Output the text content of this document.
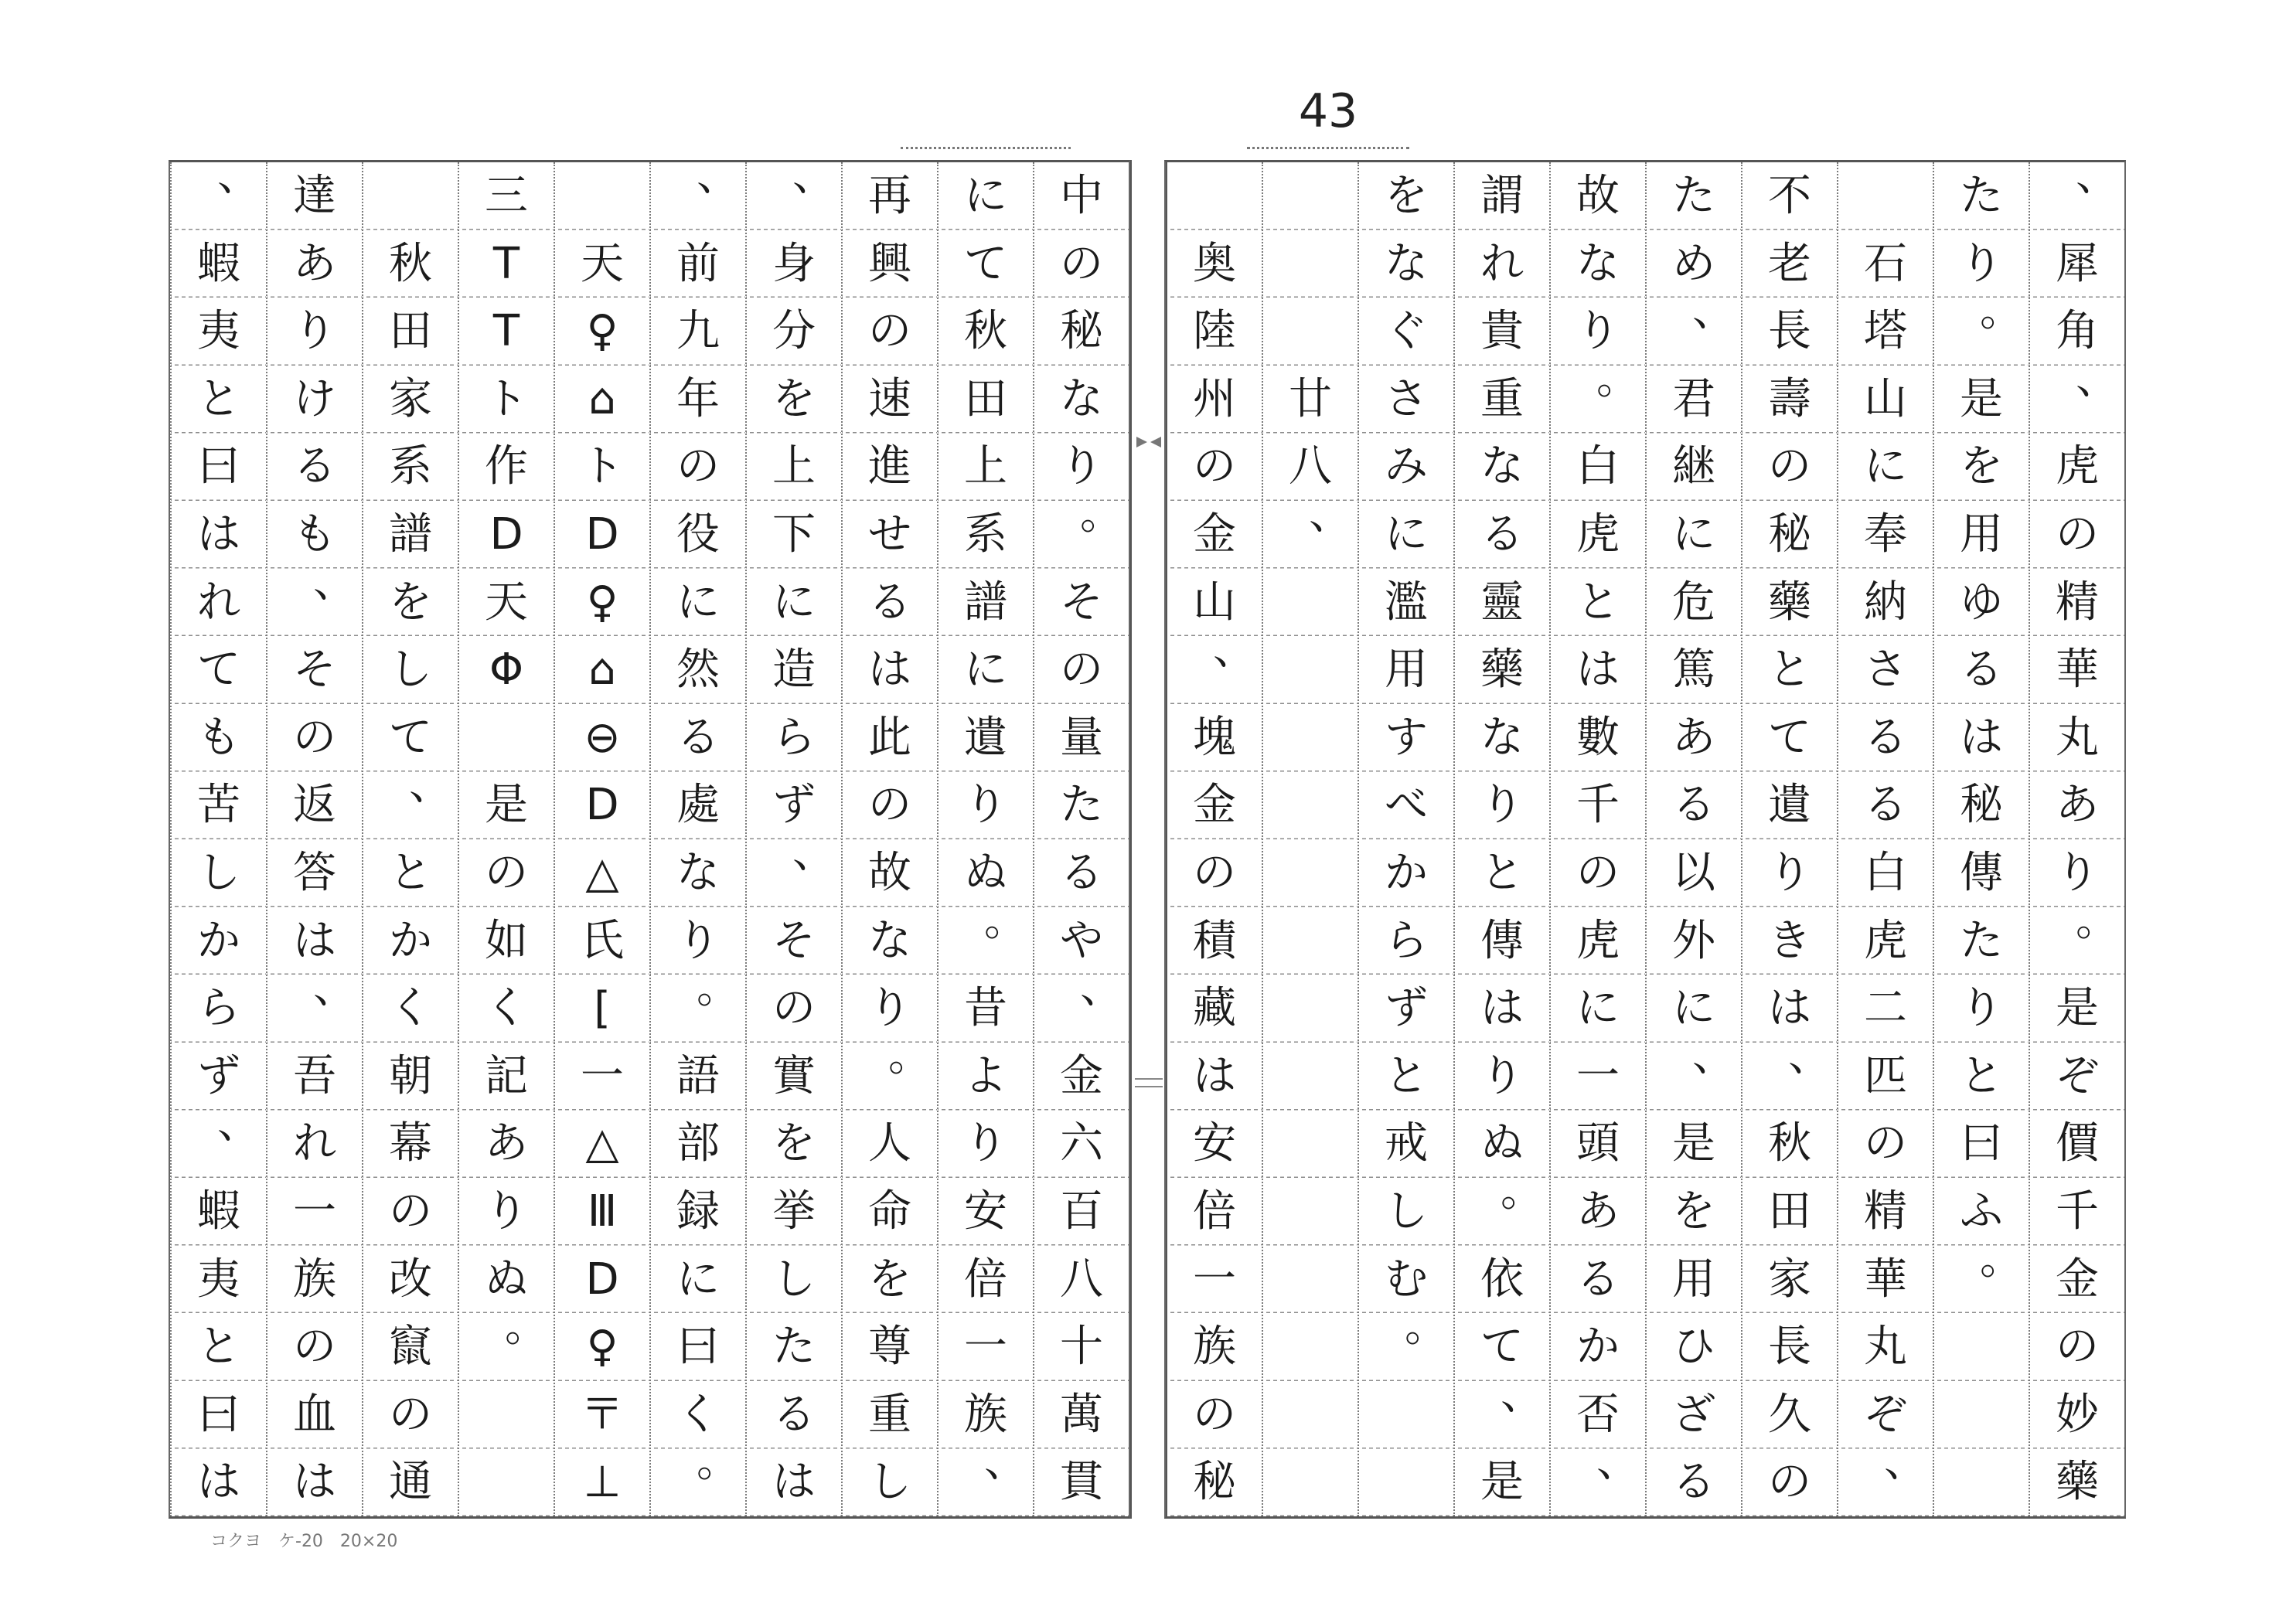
43
、
犀
角
、
虎
の
精
華
丸
あ
り
。
是
ぞ
價
千
金
の
妙
藥
た
り
。
是
を
用
ゆ
る
は
秘
傳
た
り
と
曰
ふ
。

石
塔
山
に
奉
納
さ
る
る
白
虎
二
匹
の
精
華
丸
ぞ
、
不
老
長
壽
の
秘
藥
と
て
遺
り
き
は
、
秋
田
家
長
久
の
た
め
、
君
継
に
危
篤
あ
る
以
外
に
、
是
を
用
ひ
ざ
る
故
な
り
。
白
虎
と
は
數
千
の
虎
に
一
頭
あ
る
か
否
、
謂
れ
貴
重
な
る
靈
藥
な
り
と
傳
は
り
ぬ
。
依
て
、
是
を
な
ぐ
さ
み
に
濫
用
す
べ
か
ら
ず
と
戒
し
む
。

廿
八
、

奥
陸
州
の
金
山
、
塊
金
の
積
藏
は
安
倍
一
族
の
秘
中
の
秘
な
り
。
そ
の
量
た
る
や
、
金
六
百
八
十
萬
貫
に
て
秋
田
上
系
譜
に
遺
り
ぬ
。
昔
よ
り
安
倍
一
族
、
再
興
の
速
進
せ
る
は
此
の
故
な
り
。
人
命
を
尊
重
し
、
身
分
を
上
下
に
造
ら
ず
、
そ
の
實
を
挙
し
た
る
は
、
前
九
年
の
役
に
然
る
處
な
り
。
語
部
録
に
曰
く
。

天
♀
⌂
ト
D
♀
⌂
⊖
D
△
氏
[
一
△
Ⅲ
D
♀
〒
⊥
三
T
T
ト
作
D
天
Φ

是
の
如
く
記
あ
り
ぬ
。

秋
田
家
系
譜
を
し
て
、
と
か
く
朝
幕
の
改
竄
の
通
達
あ
り
け
る
も
、
そ
の
返
答
は
、
吾
れ
一
族
の
血
は
、
蝦
夷
と
曰
は
れ
て
も
苦
し
か
ら
ず
、
蝦
夷
と
曰
は
コクヨ　ケ-20　20×20
